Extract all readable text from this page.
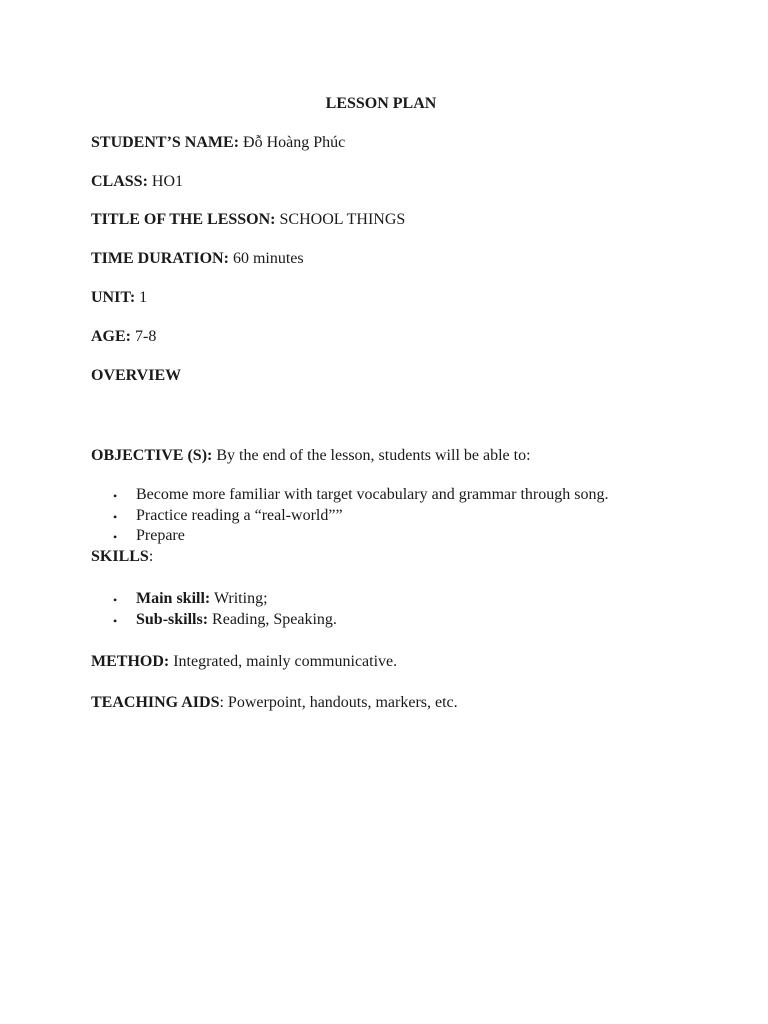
LESSON PLAN
STUDENT’S NAME: Đỗ Hoàng Phúc
CLASS: HO1
TITLE OF THE LESSON: SCHOOL THINGS
TIME DURATION: 60 minutes
UNIT: 1
AGE: 7-8
OVERVIEW
OBJECTIVE (S): By the end of the lesson, students will be able to:
• Become more familiar with target vocabulary and grammar through song.
• Practice reading a “real-world””
• Prepare
SKILLS:
• Main skill: Writing;
• Sub-skills: Reading, Speaking.
METHOD: Integrated, mainly communicative.
TEACHING AIDS: Powerpoint, handouts, markers, etc.
